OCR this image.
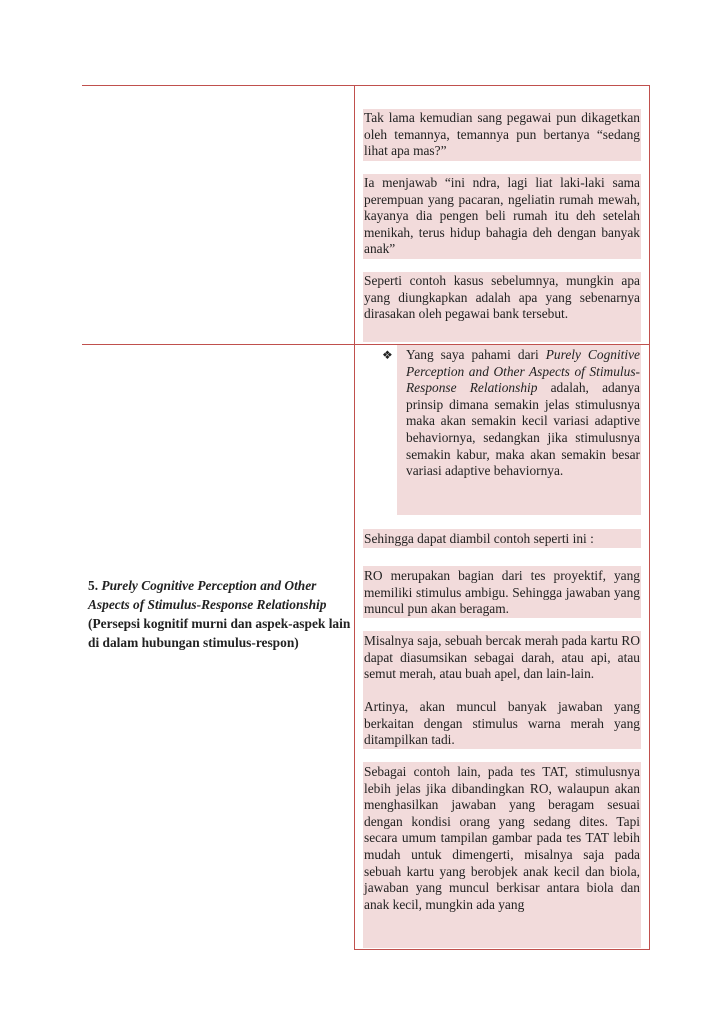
Tak lama kemudian sang pegawai pun dikagetkan oleh temannya, temannya pun bertanya “sedang lihat apa mas?”
Ia menjawab “ini ndra, lagi liat laki-laki sama perempuan yang pacaran, ngeliatin rumah mewah, kayanya dia pengen beli rumah itu deh setelah menikah, terus hidup bahagia deh dengan banyak anak”
Seperti contoh kasus sebelumnya, mungkin apa yang diungkapkan adalah apa yang sebenarnya dirasakan oleh pegawai bank tersebut.
5. Purely Cognitive Perception and Other Aspects of Stimulus-Response Relationship (Persepsi kognitif murni dan aspek-aspek lain di dalam hubungan stimulus-respon)
❖ Yang saya pahami dari Purely Cognitive Perception and Other Aspects of Stimulus-Response Relationship adalah, adanya prinsip dimana semakin jelas stimulusnya maka akan semakin kecil variasi adaptive behaviornya, sedangkan jika stimulusnya semakin kabur, maka akan semakin besar variasi adaptive behaviornya.
Sehingga dapat diambil contoh seperti ini :
RO merupakan bagian dari tes proyektif, yang memiliki stimulus ambigu. Sehingga jawaban yang muncul pun akan beragam.
Misalnya saja, sebuah bercak merah pada kartu RO dapat diasumsikan sebagai darah, atau api, atau semut merah, atau buah apel, dan lain-lain.
Artinya, akan muncul banyak jawaban yang berkaitan dengan stimulus warna merah yang ditampilkan tadi.
Sebagai contoh lain, pada tes TAT, stimulusnya lebih jelas jika dibandingkan RO, walaupun akan menghasilkan jawaban yang beragam sesuai dengan kondisi orang yang sedang dites. Tapi secara umum tampilan gambar pada tes TAT lebih mudah untuk dimengerti, misalnya saja pada sebuah kartu yang berobjek anak kecil dan biola, jawaban yang muncul berkisar antara biola dan anak kecil, mungkin ada yang
